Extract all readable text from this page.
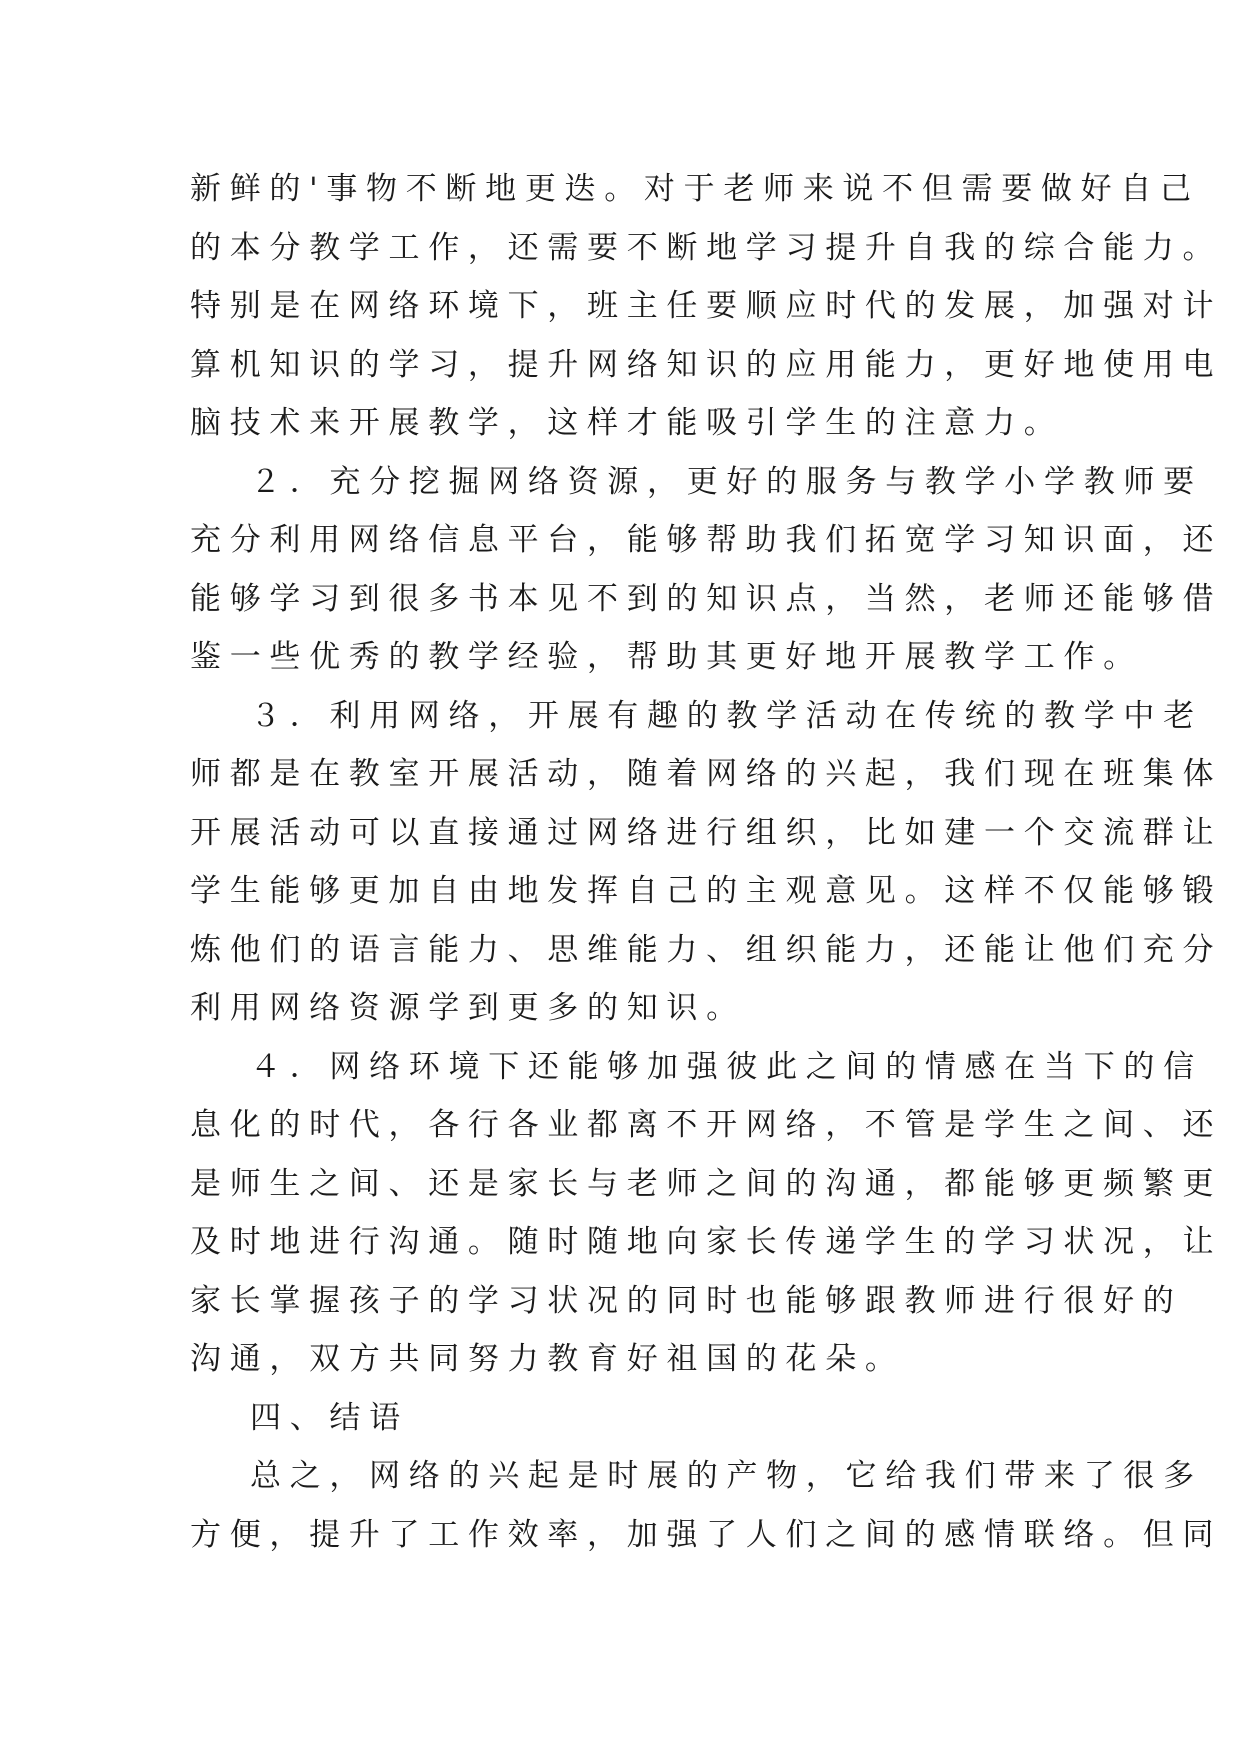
新鲜的'事物不断地更迭。对于老师来说不但需要做好自己
的本分教学工作，还需要不断地学习提升自我的综合能力。
特别是在网络环境下，班主任要顺应时代的发展，加强对计
算机知识的学习，提升网络知识的应用能力，更好地使用电
脑技术来开展教学，这样才能吸引学生的注意力。
２．充分挖掘网络资源，更好的服务与教学小学教师要
充分利用网络信息平台，能够帮助我们拓宽学习知识面，还
能够学习到很多书本见不到的知识点，当然，老师还能够借
鉴一些优秀的教学经验，帮助其更好地开展教学工作。
３．利用网络，开展有趣的教学活动在传统的教学中老
师都是在教室开展活动，随着网络的兴起，我们现在班集体
开展活动可以直接通过网络进行组织，比如建一个交流群让
学生能够更加自由地发挥自己的主观意见。这样不仅能够锻
炼他们的语言能力、思维能力、组织能力，还能让他们充分
利用网络资源学到更多的知识。
４．网络环境下还能够加强彼此之间的情感在当下的信
息化的时代，各行各业都离不开网络，不管是学生之间、还
是师生之间、还是家长与老师之间的沟通，都能够更频繁更
及时地进行沟通。随时随地向家长传递学生的学习状况，让
家长掌握孩子的学习状况的同时也能够跟教师进行很好的
沟通，双方共同努力教育好祖国的花朵。
四、结语
总之，网络的兴起是时展的产物，它给我们带来了很多
方便，提升了工作效率，加强了人们之间的感情联络。但同
